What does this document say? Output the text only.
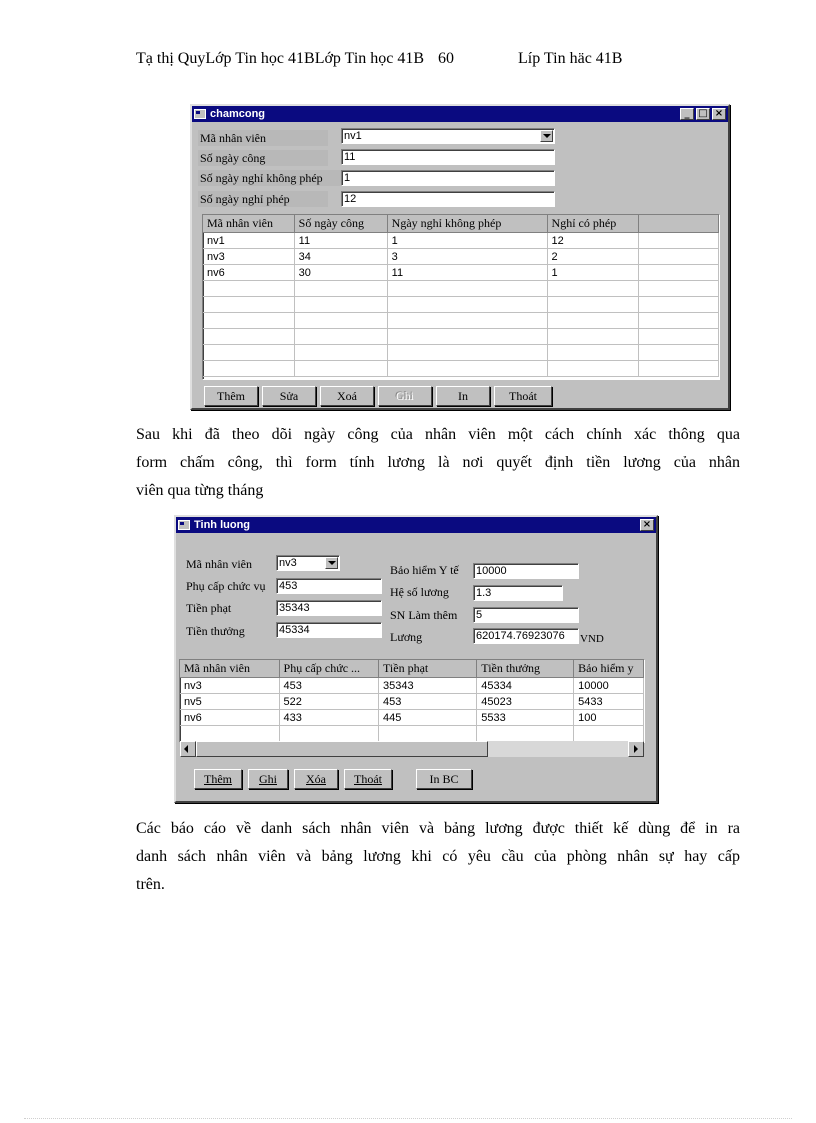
Tạ thị QuyLớp Tin học 41BLớp Tin học 41B 60	Líp Tin häc 41B
chamcong	_ □ ×
Mã nhân viên	nv1
Số ngày công	11
Số ngày nghỉ không phép	1
Số ngày nghỉ phép	12
Mã nhân viên	Số ngày công	Ngày nghỉ không phép	Nghỉ có phép	
nv1	11	1	12	
nv3	34	3	2	
nv6	30	11	1	

Thêm	Sửa	Xoá	Ghi	In	Thoát
Sau khi đã theo dõi ngày công của nhân viên một cách chính xác thông qua
form chấm công, thì form tính lương là nơi quyết định tiền lương của nhân
viên qua từng tháng
Tinh luong	×
Mã nhân viên nv3
Phụ cấp chức vụ 453
Tiền phạt	35343
Tiền thưởng	45334
Bảo hiểm Y tế 10000
Hệ số lương 1.3
SN Làm thêm 5
Lương	620174.76923076	VND
Mã nhân viên	Phụ cấp chức ...	Tiền phạt	Tiền thưởng	Bảo hiểm y
nv3	453	35343	45334	10000
nv5	522	453	45023	5433
nv6	433	445	5533	100

Thêm	Ghi	Xóa	Thoát	In BC
Các báo cáo về danh sách nhân viên và bảng lương được thiết kế dùng để in ra
danh sách nhân viên và bảng lương khi có yêu cầu của phòng nhân sự hay cấp
trên.
